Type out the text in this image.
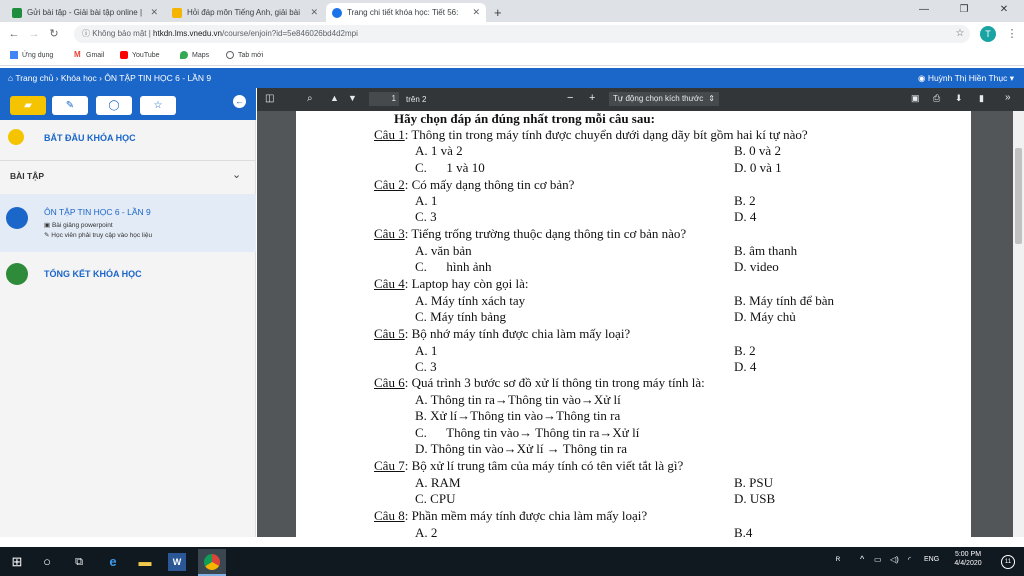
Gửi bài tập - Giải bài tập online | ✕	Hỏi đáp môn Tiếng Anh, giải bài	✕	Trang chi tiết khóa học: Tiết 56:	✕	+	—	❐	✕
← → ↻	ⓘ Không bảo mật | htkdn.lms.vnedu.vn/course/enjoin?id=5e846026bd4d2mpi	☆	T	⋮
Ứng dụng	M Gmail	YouTube	Maps	Tab mới
⌂ Trang chủ › Khóa học › ÔN TẬP TIN HỌC 6 - LẦN 9	◉ Huỳnh Thị Hiền Thục ▾
▰	✎	◯	☆	←
BẮT ĐẦU KHÓA HỌC
BÀI TẬP	⌄
ÔN TẬP TIN HỌC 6 - LẦN 9
▣ Bài giảng powerpoint
✎ Học viên phải truy cập vào học liệu
TỔNG KẾT KHÓA HỌC
◫	⌕ ▲ ▼	1	trên 2	− +	Tự động chọn kích thước ⇕	▣ ⎙ ⬇ ▮ »
Hãy chọn đáp án đúng nhất trong mỗi câu sau:
Câu 1: Thông tin trong máy tính được chuyển dưới dạng dãy bít gồm hai kí tự nào?
A. 1 và 2	B. 0 và 2
C.      1 và 10	D. 0 và 1
Câu 2: Có mấy dạng thông tin cơ bản?
A. 1	B. 2
C. 3	D. 4
Câu 3: Tiếng trống trường thuộc dạng thông tin cơ bản nào?
A. văn bản	B. âm thanh
C.      hình ảnh	D. video
Câu 4: Laptop hay còn gọi là:
A. Máy tính xách tay	B. Máy tính để bàn
C. Máy tính bảng	D. Máy chủ
Câu 5: Bộ nhớ máy tính được chia làm mấy loại?
A. 1	B. 2
C. 3	D. 4
Câu 6: Quá trình 3 bước sơ đồ xử lí thông tin trong máy tính là:
A. Thông tin ra→Thông tin vào→Xử lí
B. Xử lí→Thông tin vào→Thông tin ra
C.      Thông tin vào→ Thông tin ra→Xử lí
D. Thông tin vào→Xử lí → Thông tin ra
Câu 7: Bộ xử lí trung tâm của máy tính có tên viết tắt là gì?
A. RAM	B. PSU
C. CPU	D. USB
Câu 8: Phần mềm máy tính được chia làm mấy loại?
A. 2	B.4
⊞	○	⧉	e	▬	W	ᴿ ^ ▭ ◁) ◜ ENG
5:00 PM
4/4/2020	11
